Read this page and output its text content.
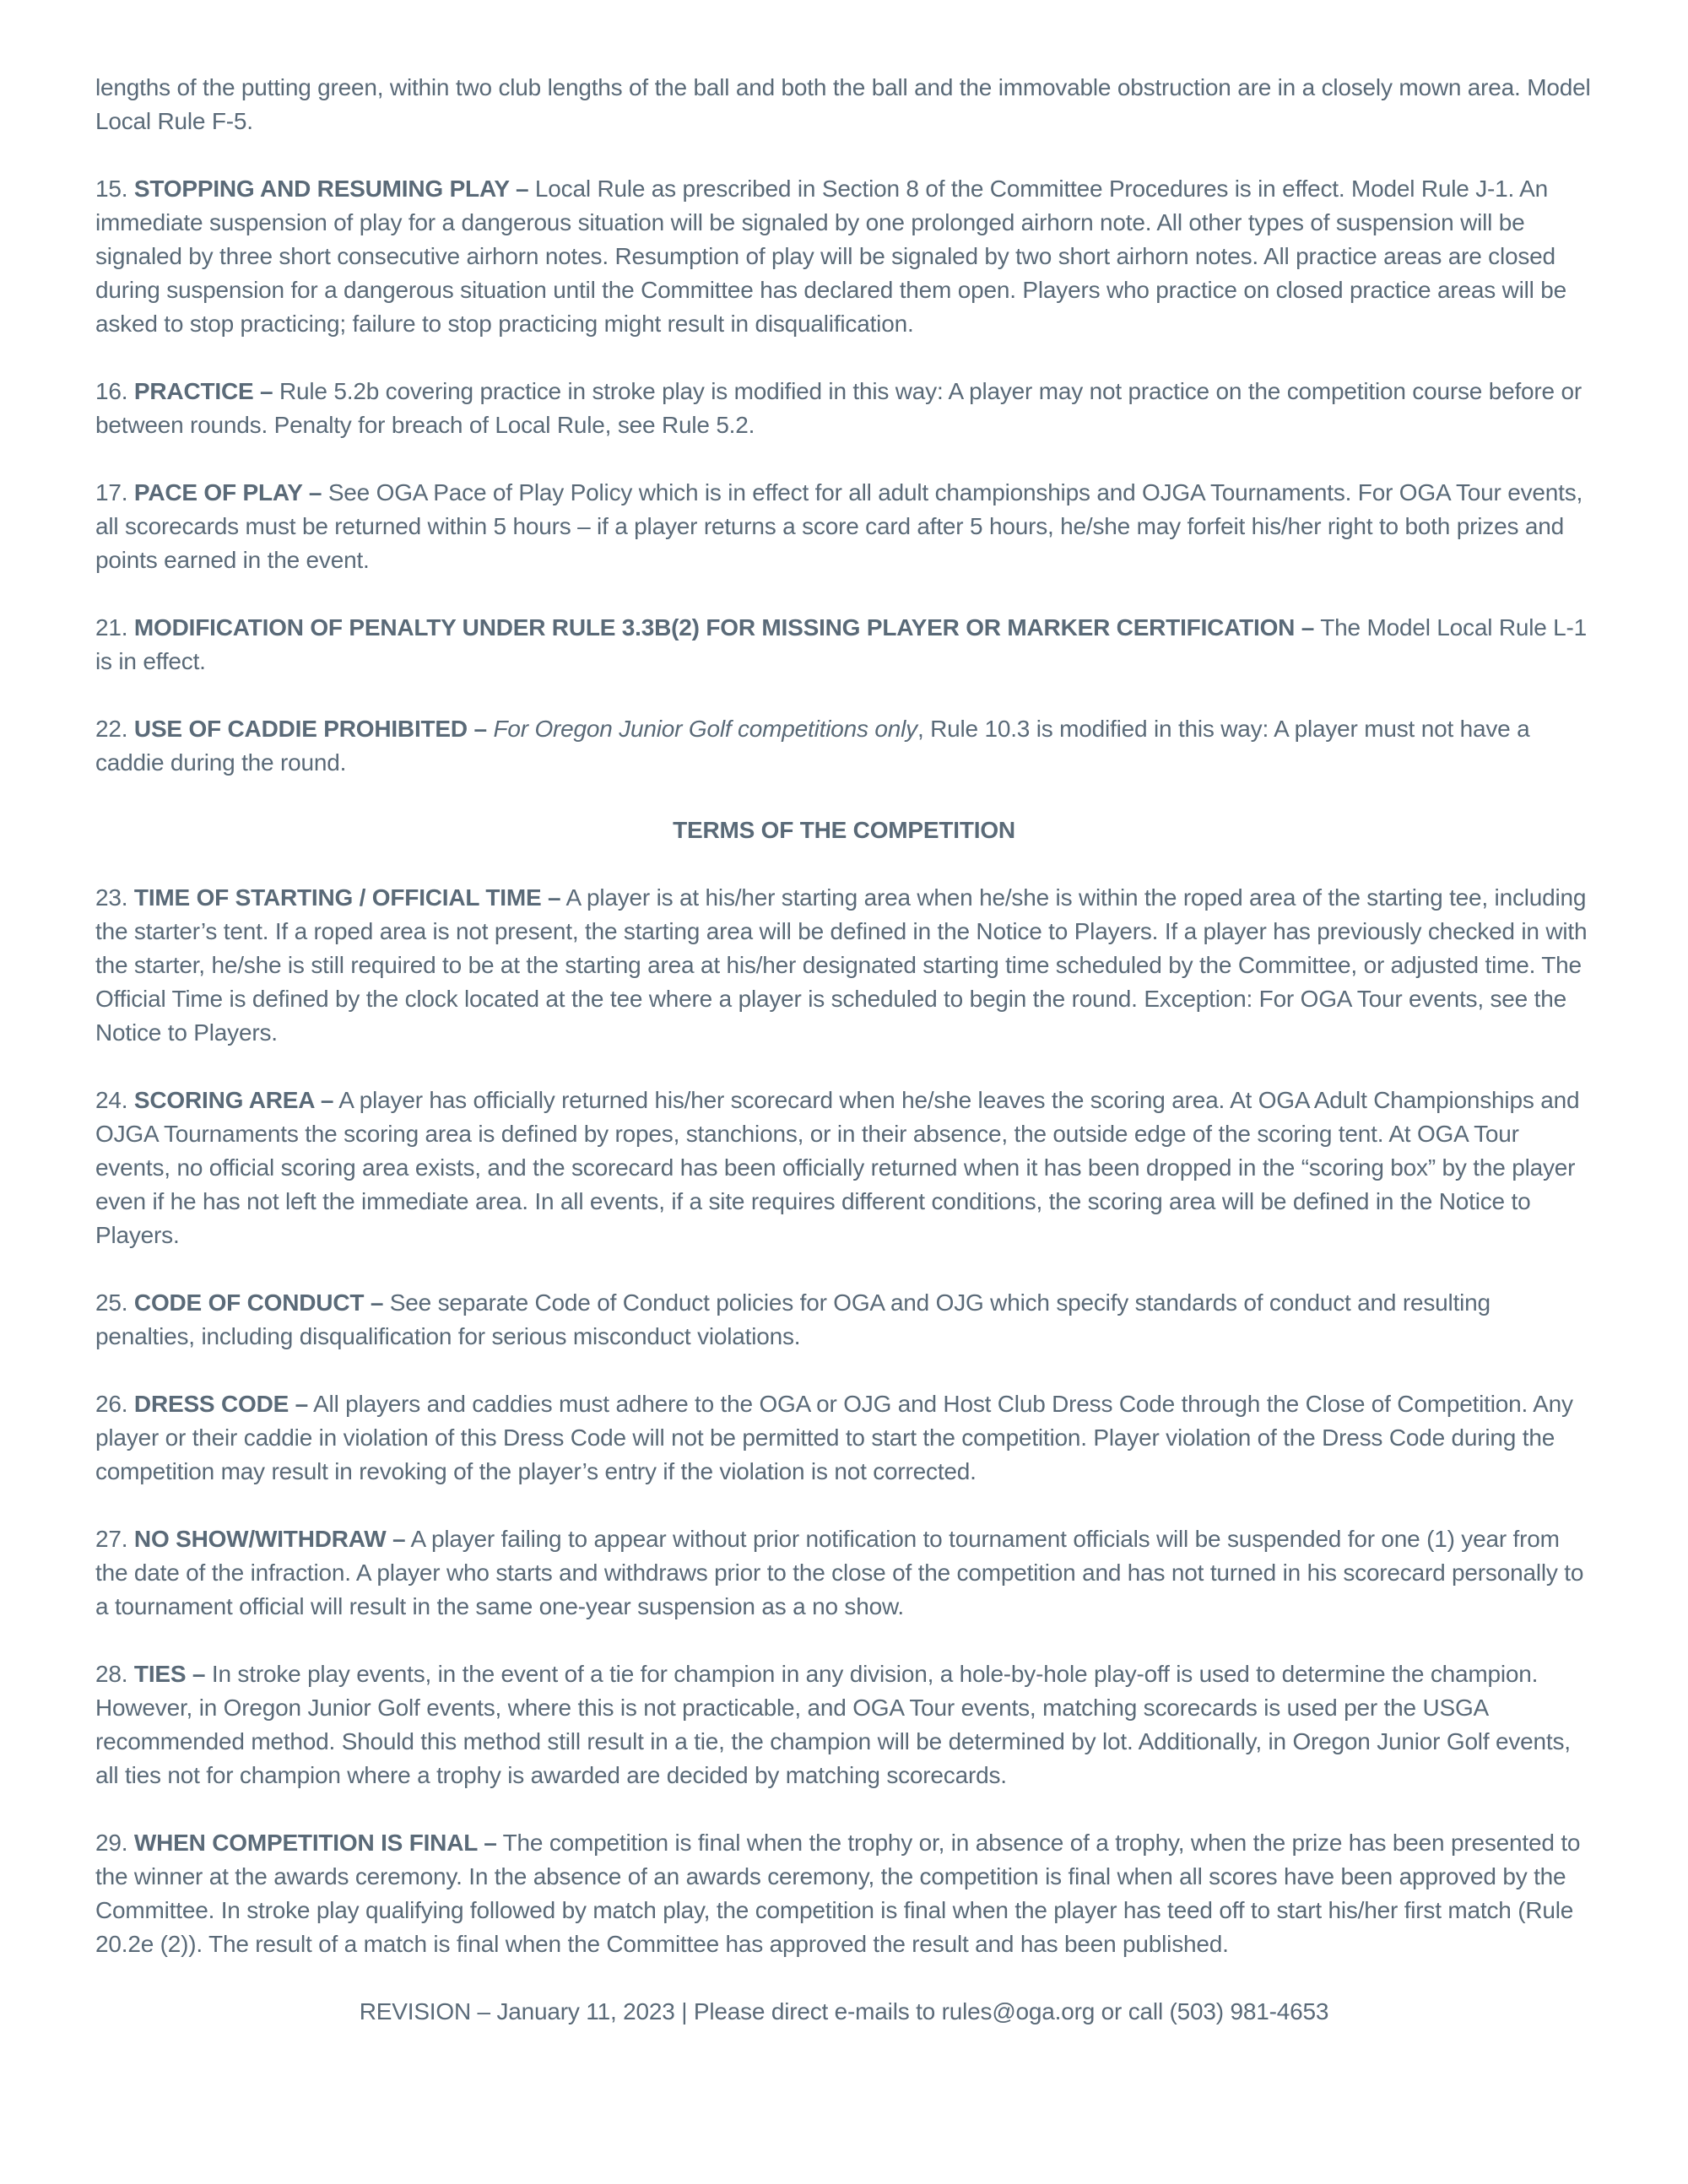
lengths of the putting green, within two club lengths of the ball and both the ball and the immovable obstruction are in a closely mown area. Model Local Rule F-5.

15. STOPPING AND RESUMING PLAY – Local Rule as prescribed in Section 8 of the Committee Procedures is in effect. Model Rule J-1. An immediate suspension of play for a dangerous situation will be signaled by one prolonged airhorn note. All other types of suspension will be signaled by three short consecutive airhorn notes. Resumption of play will be signaled by two short airhorn notes. All practice areas are closed during suspension for a dangerous situation until the Committee has declared them open. Players who practice on closed practice areas will be asked to stop practicing; failure to stop practicing might result in disqualification.

16. PRACTICE – Rule 5.2b covering practice in stroke play is modified in this way: A player may not practice on the competition course before or between rounds. Penalty for breach of Local Rule, see Rule 5.2.

17. PACE OF PLAY – See OGA Pace of Play Policy which is in effect for all adult championships and OJGA Tournaments. For OGA Tour events, all scorecards must be returned within 5 hours – if a player returns a score card after 5 hours, he/she may forfeit his/her right to both prizes and points earned in the event.

21. MODIFICATION OF PENALTY UNDER RULE 3.3B(2) FOR MISSING PLAYER OR MARKER CERTIFICATION – The Model Local Rule L-1 is in effect.

22. USE OF CADDIE PROHIBITED – For Oregon Junior Golf competitions only, Rule 10.3 is modified in this way: A player must not have a caddie during the round.

TERMS OF THE COMPETITION

23. TIME OF STARTING / OFFICIAL TIME – A player is at his/her starting area when he/she is within the roped area of the starting tee, including the starter’s tent. If a roped area is not present, the starting area will be defined in the Notice to Players. If a player has previously checked in with the starter, he/she is still required to be at the starting area at his/her designated starting time scheduled by the Committee, or adjusted time. The Official Time is defined by the clock located at the tee where a player is scheduled to begin the round. Exception: For OGA Tour events, see the Notice to Players.

24. SCORING AREA – A player has officially returned his/her scorecard when he/she leaves the scoring area. At OGA Adult Championships and OJGA Tournaments the scoring area is defined by ropes, stanchions, or in their absence, the outside edge of the scoring tent. At OGA Tour events, no official scoring area exists, and the scorecard has been officially returned when it has been dropped in the “scoring box” by the player even if he has not left the immediate area. In all events, if a site requires different conditions, the scoring area will be defined in the Notice to Players.

25. CODE OF CONDUCT – See separate Code of Conduct policies for OGA and OJG which specify standards of conduct and resulting penalties, including disqualification for serious misconduct violations.

26. DRESS CODE – All players and caddies must adhere to the OGA or OJG and Host Club Dress Code through the Close of Competition. Any player or their caddie in violation of this Dress Code will not be permitted to start the competition. Player violation of the Dress Code during the competition may result in revoking of the player’s entry if the violation is not corrected.

27. NO SHOW/WITHDRAW – A player failing to appear without prior notification to tournament officials will be suspended for one (1) year from the date of the infraction. A player who starts and withdraws prior to the close of the competition and has not turned in his scorecard personally to a tournament official will result in the same one-year suspension as a no show.

28. TIES – In stroke play events, in the event of a tie for champion in any division, a hole-by-hole play-off is used to determine the champion. However, in Oregon Junior Golf events, where this is not practicable, and OGA Tour events, matching scorecards is used per the USGA recommended method. Should this method still result in a tie, the champion will be determined by lot. Additionally, in Oregon Junior Golf events, all ties not for champion where a trophy is awarded are decided by matching scorecards.

29. WHEN COMPETITION IS FINAL – The competition is final when the trophy or, in absence of a trophy, when the prize has been presented to the winner at the awards ceremony. In the absence of an awards ceremony, the competition is final when all scores have been approved by the Committee. In stroke play qualifying followed by match play, the competition is final when the player has teed off to start his/her first match (Rule 20.2e (2)). The result of a match is final when the Committee has approved the result and has been published.

REVISION – January 11, 2023 | Please direct e-mails to rules@oga.org or call (503) 981-4653
